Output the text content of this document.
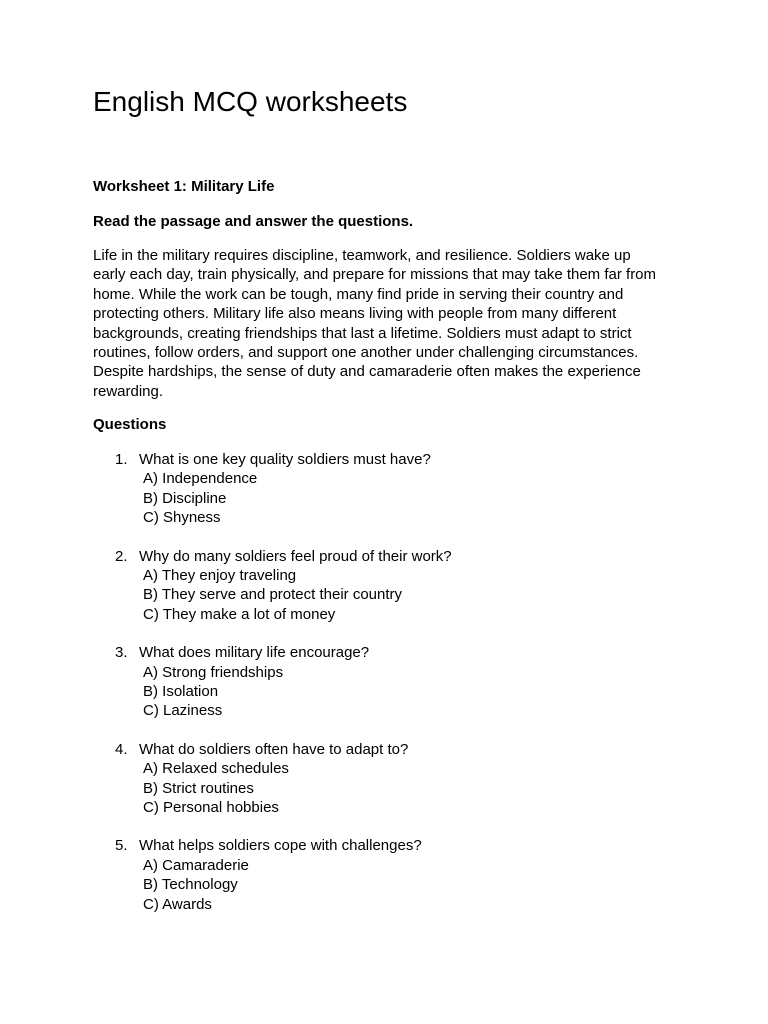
English MCQ worksheets
Worksheet 1: Military Life

Read the passage and answer the questions.

Life in the military requires discipline, teamwork, and resilience. Soldiers wake up
early each day, train physically, and prepare for missions that may take them far from
home. While the work can be tough, many find pride in serving their country and
protecting others. Military life also means living with people from many different
backgrounds, creating friendships that last a lifetime. Soldiers must adapt to strict
routines, follow orders, and support one another under challenging circumstances.
Despite hardships, the sense of duty and camaraderie often makes the experience
rewarding.

Questions
1. What is one key quality soldiers must have?
A) Independence
B) Discipline
C) Shyness
2. Why do many soldiers feel proud of their work?
A) They enjoy traveling
B) They serve and protect their country
C) They make a lot of money
3. What does military life encourage?
A) Strong friendships
B) Isolation
C) Laziness
4. What do soldiers often have to adapt to?
A) Relaxed schedules
B) Strict routines
C) Personal hobbies
5. What helps soldiers cope with challenges?
A) Camaraderie
B) Technology
C) Awards
